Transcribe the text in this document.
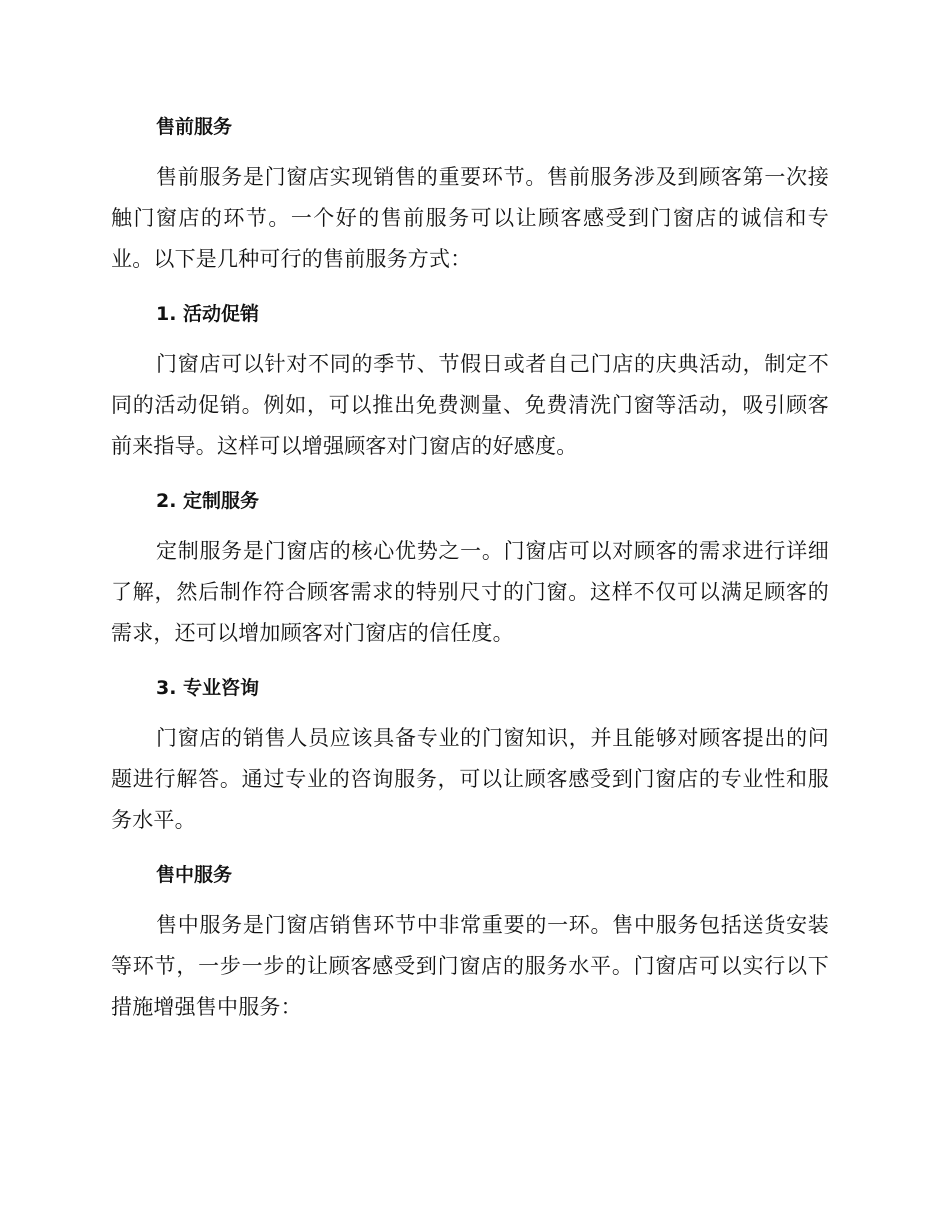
售前服务

售前服务是门窗店实现销售的重要环节。售前服务涉及到顾客第一次接触门窗店的环节。一个好的售前服务可以让顾客感受到门窗店的诚信和专业。以下是几种可行的售前服务方式：

1. 活动促销

门窗店可以针对不同的季节、节假日或者自己门店的庆典活动，制定不同的活动促销。例如，可以推出免费测量、免费清洗门窗等活动，吸引顾客前来指导。这样可以增强顾客对门窗店的好感度。

2. 定制服务

定制服务是门窗店的核心优势之一。门窗店可以对顾客的需求进行详细了解，然后制作符合顾客需求的特别尺寸的门窗。这样不仅可以满足顾客的需求，还可以增加顾客对门窗店的信任度。

3. 专业咨询

门窗店的销售人员应该具备专业的门窗知识，并且能够对顾客提出的问题进行解答。通过专业的咨询服务，可以让顾客感受到门窗店的专业性和服务水平。

售中服务

售中服务是门窗店销售环节中非常重要的一环。售中服务包括送货安装等环节，一步一步的让顾客感受到门窗店的服务水平。门窗店可以实行以下措施增强售中服务：
